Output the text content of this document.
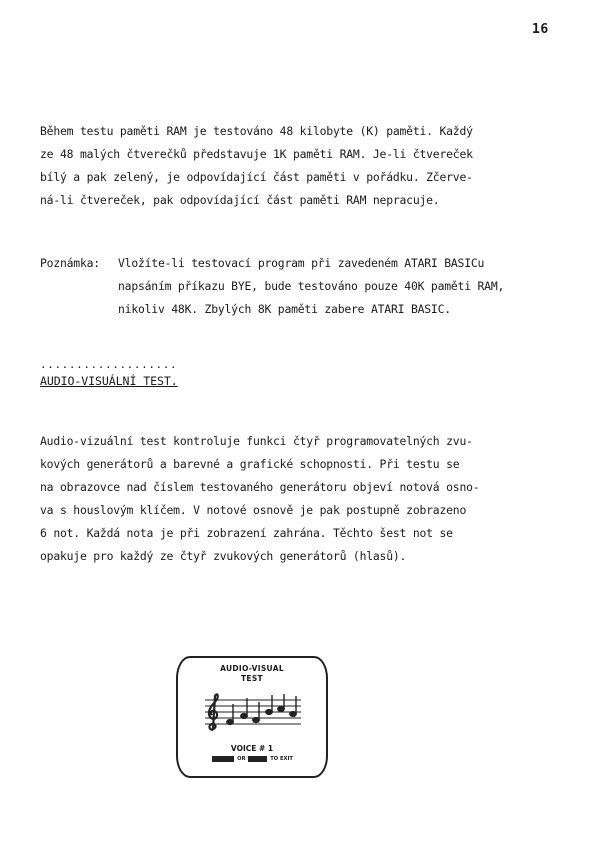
16

Během testu paměti RAM je testováno 48 kilobyte (K) paměti. Každý
ze 48 malých čtverečků představuje 1K paměti RAM. Je-li čtvereček
bílý a pak zelený, je odpovídající část paměti v pořádku. Zčerve-
ná-li čtvereček, pak odpovídající část paměti RAM nepracuje.

Poznámka: Vložíte-li testovací program při zavedeném ATARI BASICu
napsáním příkazu BYE, bude testováno pouze 40K paměti RAM,
nikoliv 48K. Zbylých 8K paměti zabere ATARI BASIC.
...................
AUDIO-VISUÁLNÍ TEST.

Audio-vizuální test kontroluje funkci čtyř programovatelných zvu-
kových generátorů a barevné a grafické schopnosti. Při testu se
na obrazovce nad číslem testovaného generátoru objeví notová osno-
va s houslovým klíčem. V notové osnově je pak postupně zobrazeno
6 not. Každá nota je při zobrazení zahrána. Těchto šest not se
opakuje pro každý ze čtyř zvukových generátorů (hlasů).

AUDIO-VISUAL
TEST
VOICE # 1
RESET OR HELP TO EXIT
